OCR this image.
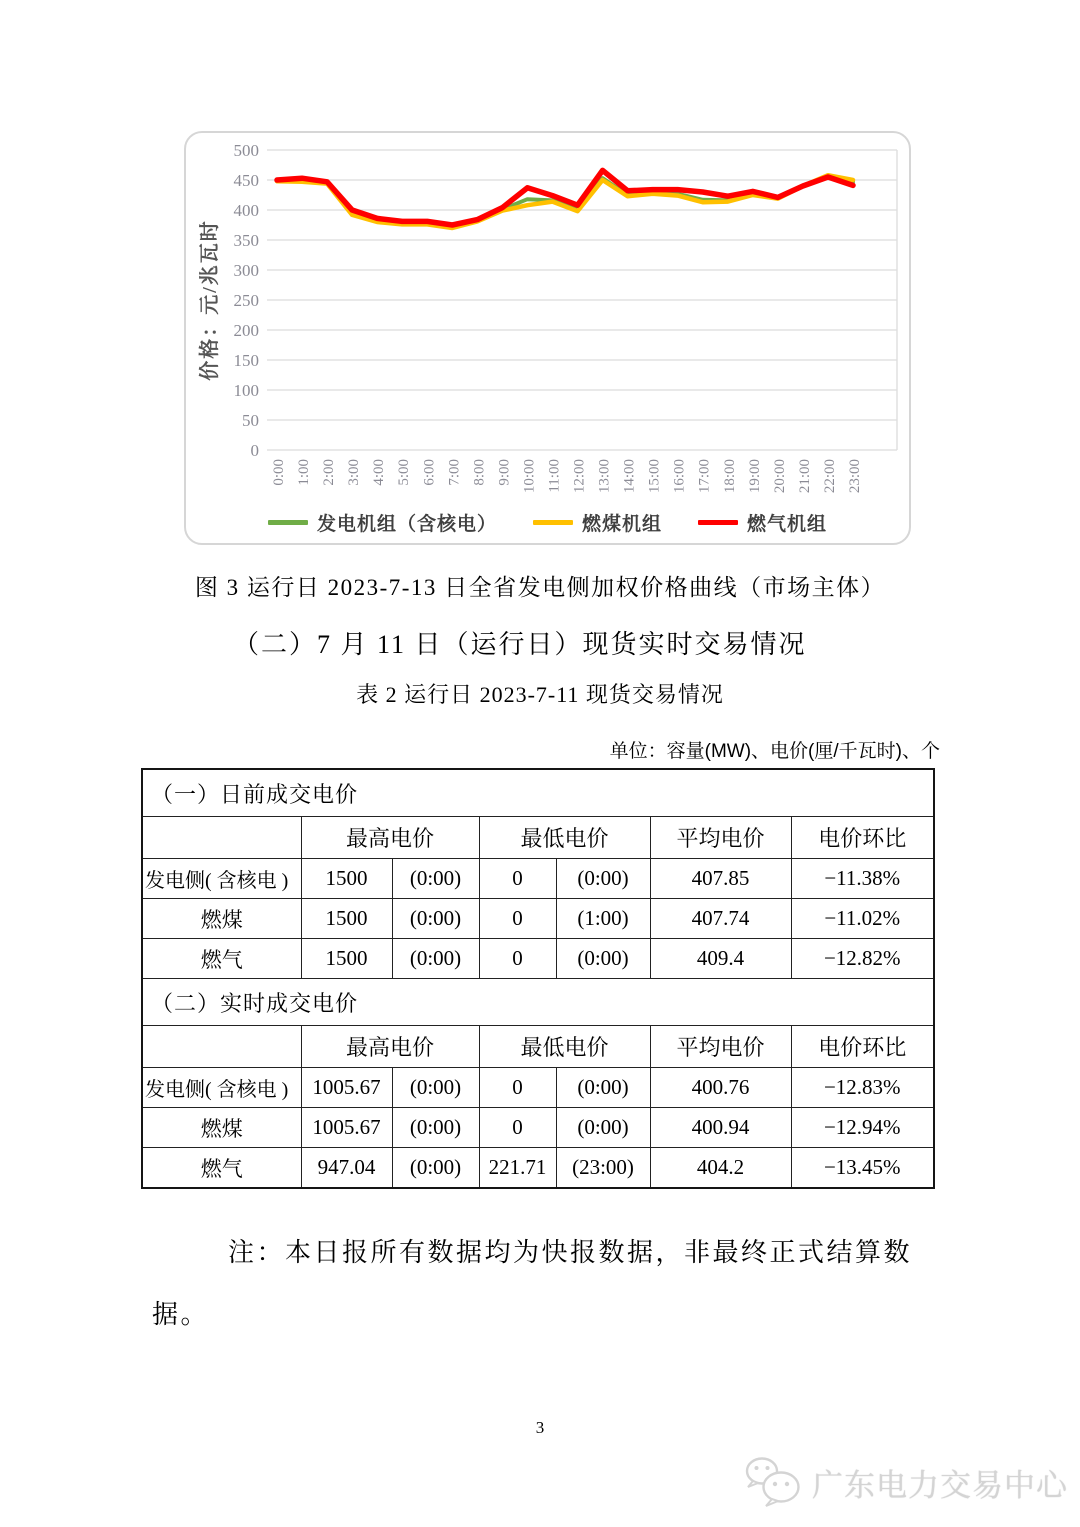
0
50
100
150
200
250
300
350
400
450
500
价格：元/兆瓦时
0:00 1:00 2:00 3:00 4:00 5:00 6:00 7:00 8:00 9:00 10:00 11:00 12:00 13:00 14:00 15:00 16:00 17:00 18:00 19:00 20:00 21:00 22:00 23:00
发电机组（含核电）	燃煤机组	燃气机组
图 3 运行日 2023-7-13 日全省发电侧加权价格曲线（市场主体）
（二）7 月 11 日（运行日）现货实时交易情况
表 2 运行日 2023-7-11 现货交易情况
单位：容量(MW)、电价(厘/千瓦时)、个
（一）日前成交电价						
	最高电价		最低电价		平均电价	电价环比
发电侧( 含核电 )	1500	(0:00)	0	(0:00)	407.85	−11.38%
燃煤	1500	(0:00)	0	(1:00)	407.74	−11.02%
燃气	1500	(0:00)	0	(0:00)	409.4	−12.82%
（二）实时成交电价						
	最高电价		最低电价		平均电价	电价环比
发电侧( 含核电 )	1005.67	(0:00)	0	(0:00)	400.76	−12.83%
燃煤	1005.67	(0:00)	0	(0:00)	400.94	−12.94%
燃气	947.04	(0:00)	221.71	(23:00)	404.2	−13.45%
注：本日报所有数据均为快报数据，非最终正式结算数
据。
3
广东电力交易中心
